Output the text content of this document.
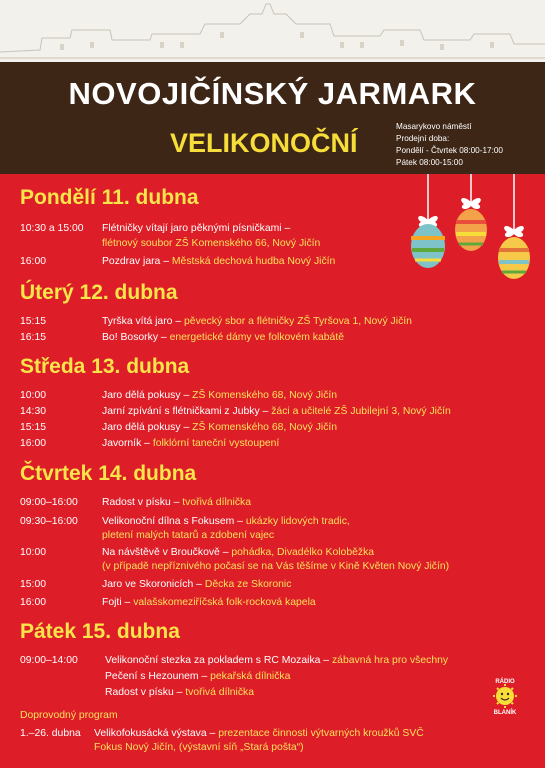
NOVOJIČÍNSKÝ JARMARK
VELIKONOČNÍ
Masarykovo náměstí
Prodejní doba:
Pondělí - Čtvrtek 08:00-17:00
Pátek 08:00-15:00
Pondělí 11. dubna
10:30 a 15:00 Flétničky vítají jaro pěknými písničkami –
flétnový soubor ZŠ Komenského 66, Nový Jičín
16:00	Pozdrav jara – Městská dechová hudba Nový Jičín
Úterý 12. dubna
15:15	Tyrška vítá jaro – pěvecký sbor a flétničky ZŠ Tyršova 1, Nový Jičín
16:15	Bo! Bosorky – energetické dámy ve folkovém kabátě
Středa 13. dubna
10:00	Jaro dělá pokusy – ZŠ Komenského 68, Nový Jičín
14:30	Jarní zpívání s flétničkami z Jubky – žáci a učitelé ZŠ Jubilejní 3, Nový Jičín
15:15	Jaro dělá pokusy – ZŠ Komenského 68, Nový Jičín
16:00	Javorník – folklórní taneční vystoupení
Čtvrtek 14. dubna
09:00–16:00 Radost v písku – tvořivá dílnička
09:30–16:00 Velikonoční dílna s Fokusem – ukázky lidových tradic,
pletení malých tatarů a zdobení vajec
10:00	Na návštěvě v Broučkově – pohádka, Divadélko Koloběžka
(v případě nepříznivého počasí se na Vás těšíme v Kině Květen Nový Jičín)
15:00	Jaro ve Skoronicích – Děcka ze Skoronic
16:00	Fojti – valašskomeziříčská folk-rocková kapela
Pátek 15. dubna
09:00–14:00	Velikonoční stezka za pokladem s RC Mozaika – zábavná hra pro všechny
Pečení s Hezounem – pekařská dílnička
Radost v písku – tvořivá dílnička
Doprovodný program
1.–26. dubna Velikofokusácká výstava – prezentace činnosti výtvarných kroužků SVČ
Fokus Nový Jičín, (výstavní síň „Stará pošta“)
RÁDIO
BLANÍK
